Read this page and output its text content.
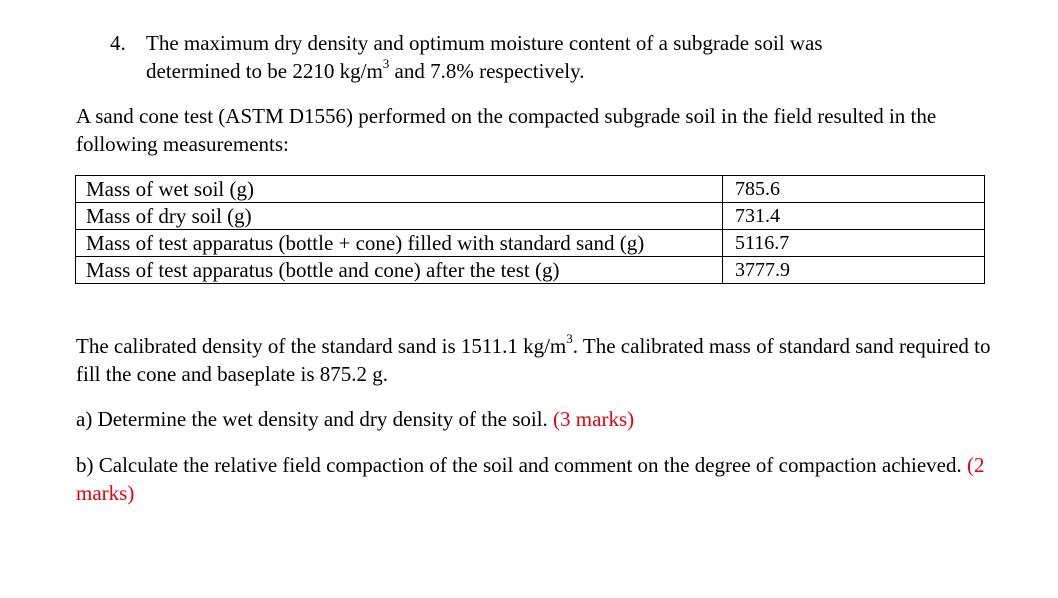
4. The maximum dry density and optimum moisture content of a subgrade soil was
determined to be 2210 $kg/m^3$ and 7.8% respectively.
A sand cone test (ASTM D1556) performed on the compacted subgrade soil in the field resulted in the following measurements:
Mass of wet soil (g)	785.6
Mass of dry soil (g)	731.4
Mass of test apparatus (bottle + cone) filled with standard sand (g)	5116.7
Mass of test apparatus (bottle and cone) after the test (g)	3777.9
The calibrated density of the standard sand is 1511.1 $kg/m^3$. The calibrated mass of standard sand required to fill the cone and baseplate is 875.2 g.
a) Determine the wet density and dry density of the soil. (3 marks)
b) Calculate the relative field compaction of the soil and comment on the degree of compaction achieved. (2 marks)
